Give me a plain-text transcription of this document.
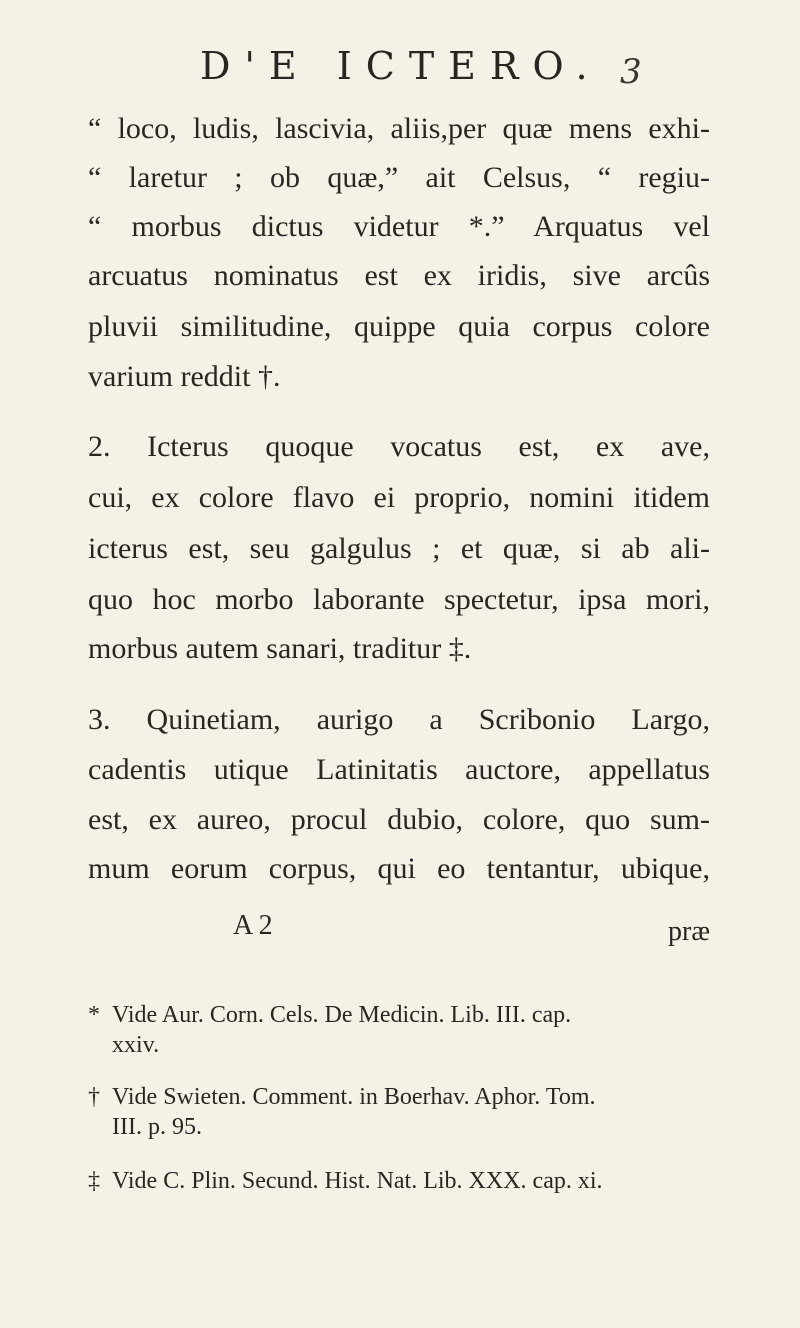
D'E ICTERO. 3
“ loco, ludis, lascivia, aliis,per quæ mens exhi-
“ laretur ; ob quæ,” ait Celsus, “ regiu-
“ morbus dictus videtur *.” Arquatus vel
arcuatus nominatus est ex iridis, sive arcûs
pluvii similitudine, quippe quia corpus colore
varium reddit †.
2. Icterus quoque vocatus est, ex ave,
cui, ex colore flavo ei proprio, nomini itidem
icterus est, seu galgulus ; et quæ, si ab ali-
quo hoc morbo laborante spectetur, ipsa mori,
morbus autem sanari, traditur ‡.
3. Quinetiam, aurigo a Scribonio Largo,
cadentis utique Latinitatis auctore, appellatus
est, ex aureo, procul dubio, colore, quo sum-
mum eorum corpus, qui eo tentantur, ubique,
A 2	præ
* Vide Aur. Corn. Cels. De Medicin. Lib. III. cap.
xxiv.
† Vide Swieten. Comment. in Boerhav. Aphor. Tom.
III. p. 95.
‡ Vide C. Plin. Secund. Hist. Nat. Lib. XXX. cap. xi.
